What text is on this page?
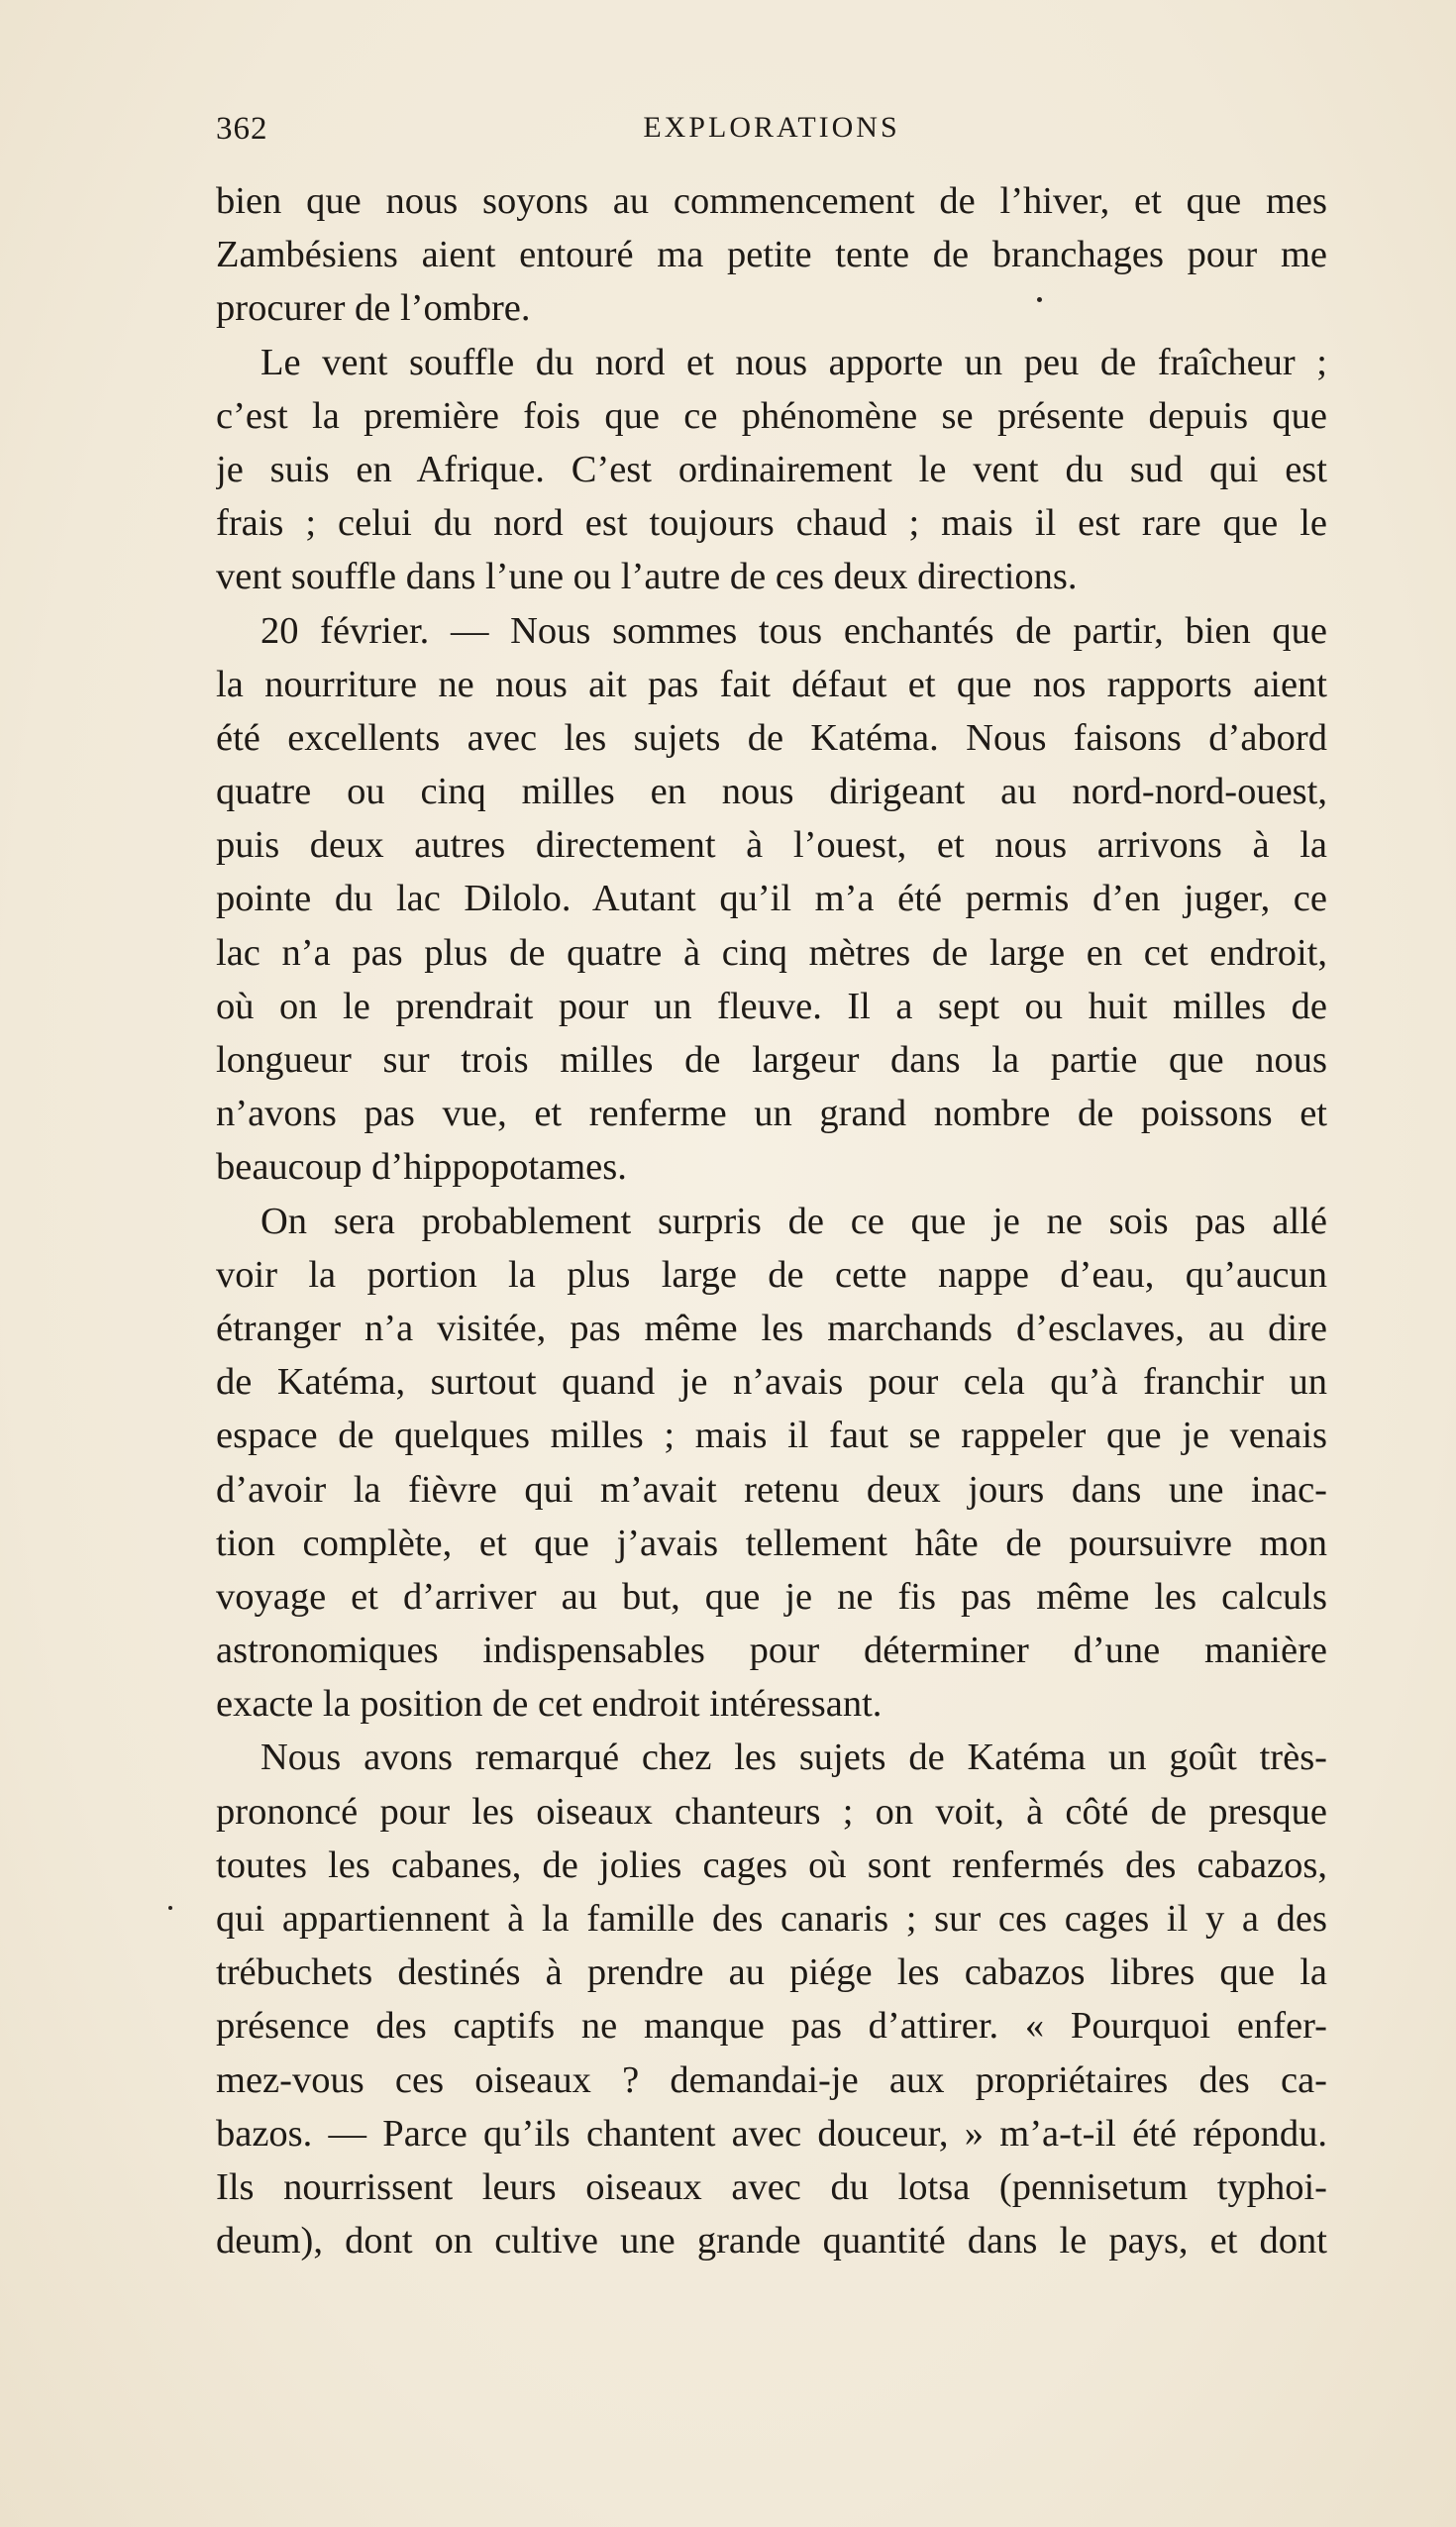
362	EXPLORATIONS
bien que nous soyons au commencement de l’hiver, et que mes
Zambésiens aient entouré ma petite tente de branchages pour me
procurer de l’ombre.
Le vent souffle du nord et nous apporte un peu de fraîcheur ;
c’est la première fois que ce phénomène se présente depuis que
je suis en Afrique. C’est ordinairement le vent du sud qui est
frais ; celui du nord est toujours chaud ; mais il est rare que le
vent souffle dans l’une ou l’autre de ces deux directions.
20 février. — Nous sommes tous enchantés de partir, bien que
la nourriture ne nous ait pas fait défaut et que nos rapports aient
été excellents avec les sujets de Katéma. Nous faisons d’abord
quatre ou cinq milles en nous dirigeant au nord-nord-ouest,
puis deux autres directement à l’ouest, et nous arrivons à la
pointe du lac Dilolo. Autant qu’il m’a été permis d’en juger, ce
lac n’a pas plus de quatre à cinq mètres de large en cet endroit,
où on le prendrait pour un fleuve. Il a sept ou huit milles de
longueur sur trois milles de largeur dans la partie que nous
n’avons pas vue, et renferme un grand nombre de poissons et
beaucoup d’hippopotames.
On sera probablement surpris de ce que je ne sois pas allé
voir la portion la plus large de cette nappe d’eau, qu’aucun
étranger n’a visitée, pas même les marchands d’esclaves, au dire
de Katéma, surtout quand je n’avais pour cela qu’à franchir un
espace de quelques milles ; mais il faut se rappeler que je venais
d’avoir la fièvre qui m’avait retenu deux jours dans une inac-
tion complète, et que j’avais tellement hâte de poursuivre mon
voyage et d’arriver au but, que je ne fis pas même les calculs
astronomiques indispensables pour déterminer d’une manière
exacte la position de cet endroit intéressant.
Nous avons remarqué chez les sujets de Katéma un goût très-
prononcé pour les oiseaux chanteurs ; on voit, à côté de presque
toutes les cabanes, de jolies cages où sont renfermés des cabazos,
qui appartiennent à la famille des canaris ; sur ces cages il y a des
trébuchets destinés à prendre au piége les cabazos libres que la
présence des captifs ne manque pas d’attirer. « Pourquoi enfer-
mez-vous ces oiseaux ? demandai-je aux propriétaires des ca-
bazos. — Parce qu’ils chantent avec douceur, » m’a-t-il été répondu.
Ils nourrissent leurs oiseaux avec du lotsa (pennisetum typhoi-
deum), dont on cultive une grande quantité dans le pays, et dont
